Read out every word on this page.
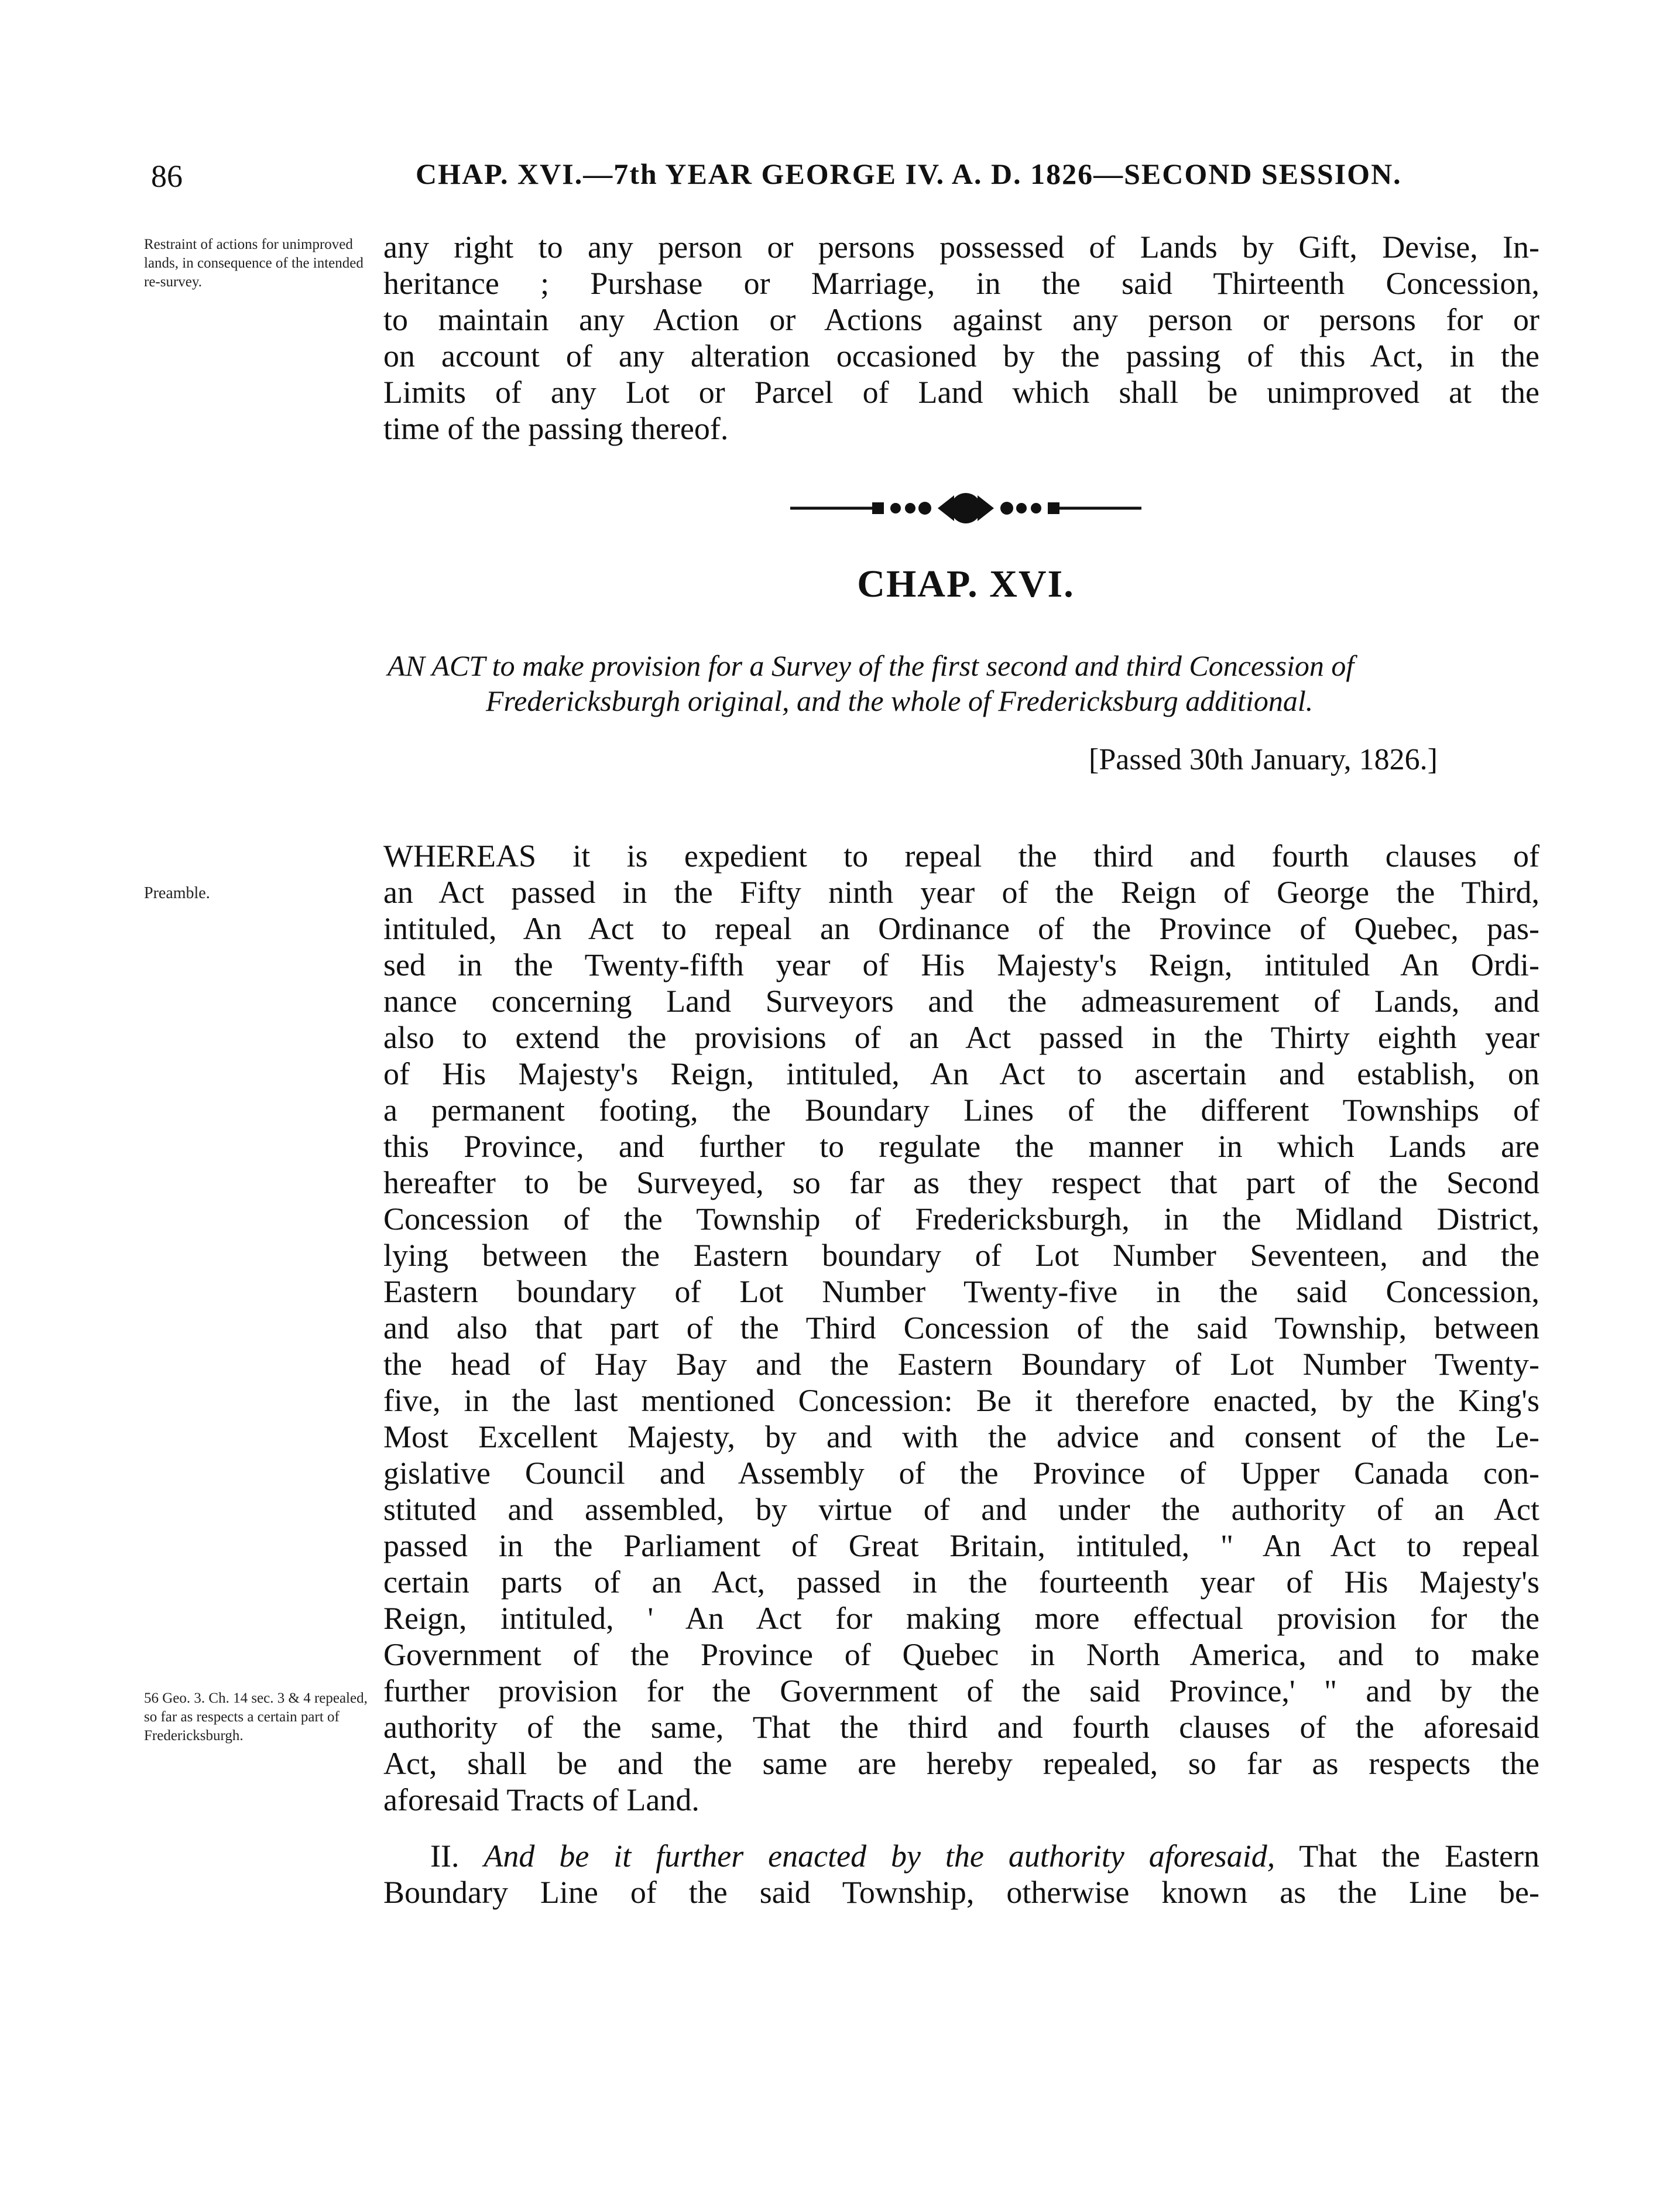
86	CHAP. XVI.—7th YEAR GEORGE IV. A. D. 1826—SECOND SESSION.
Restraint of actions for unimproved lands, in consequence of the intended re-survey.
any right to any person or persons possessed of Lands by Gift, Devise, In-
heritance ; Purshase or Marriage, in the said Thirteenth Concession,
to maintain any Action or Actions against any person or persons for or
on account of any alteration occasioned by the passing of this Act, in the
Limits of any Lot or Parcel of Land which shall be unimproved at the
time of the passing thereof.
CHAP. XVI.
AN ACT to make provision for a Survey of the first second and third Concession of
Fredericksburgh original, and the whole of Fredericksburg additional.
[Passed 30th January, 1826.]
Preamble.
56 Geo. 3. Ch. 14 sec. 3 & 4 repealed, so far as respects a certain part of Fredericksburgh.
WHEREAS it is expedient to repeal the third and fourth clauses of
an Act passed in the Fifty ninth year of the Reign of George the Third,
intituled, An Act to repeal an Ordinance of the Province of Quebec, pas-
sed in the Twenty-fifth year of His Majesty's Reign, intituled An Ordi-
nance concerning Land Surveyors and the admeasurement of Lands, and
also to extend the provisions of an Act passed in the Thirty eighth year
of His Majesty's Reign, intituled, An Act to ascertain and establish, on
a permanent footing, the Boundary Lines of the different Townships of
this Province, and further to regulate the manner in which Lands are
hereafter to be Surveyed, so far as they respect that part of the Second
Concession of the Township of Fredericksburgh, in the Midland District,
lying between the Eastern boundary of Lot Number Seventeen, and the
Eastern boundary of Lot Number Twenty-five in the said Concession,
and also that part of the Third Concession of the said Township, between
the head of Hay Bay and the Eastern Boundary of Lot Number Twenty-
five, in the last mentioned Concession: Be it therefore enacted, by the King's
Most Excellent Majesty, by and with the advice and consent of the Le-
gislative Council and Assembly of the Province of Upper Canada con-
stituted and assembled, by virtue of and under the authority of an Act
passed in the Parliament of Great Britain, intituled, " An Act to repeal
certain parts of an Act, passed in the fourteenth year of His Majesty's
Reign, intituled, ' An Act for making more effectual provision for the
Government of the Province of Quebec in North America, and to make
further provision for the Government of the said Province,' " and by the
authority of the same, That the third and fourth clauses of the aforesaid
Act, shall be and the same are hereby repealed, so far as respects the
aforesaid Tracts of Land.
II. And be it further enacted by the authority aforesaid, That the Eastern
Boundary Line of the said Township, otherwise known as the Line be-
